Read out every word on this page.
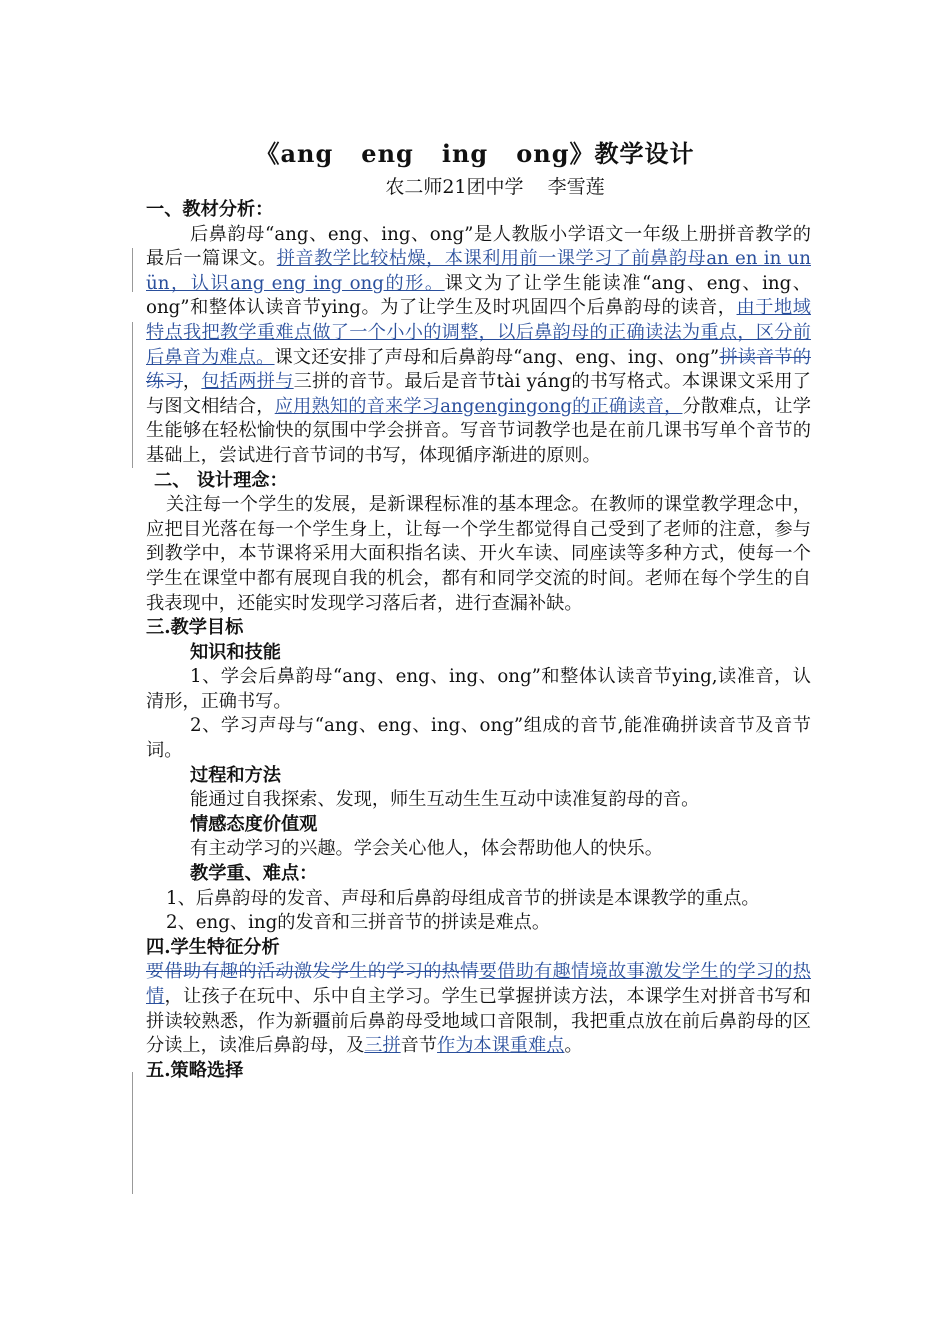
《ang   eng   ing   ong》教学设计
农二师21团中学    李雪莲
一、教材分析：
后鼻韵母“ang、eng、ing、ong”是人教版小学语文一年级上册拼音教学的最后一篇课文。拼音教学比较枯燥，本课利用前一课学习了前鼻韵母an en in un ün，认识ang eng ing ong的形。课文为了让学生能读准“ang、eng、ing、ong”和整体认读音节ying。为了让学生及时巩固四个后鼻韵母的读音，由于地域特点我把教学重难点做了一个小小的调整，以后鼻韵母的正确读法为重点，区分前后鼻音为难点。课文还安排了声母和后鼻韵母“ang、eng、ing、ong”拼读音节的练习，包括两拼与三拼的音节。最后是音节tài yáng的书写格式。本课课文采用了与图文相结合，应用熟知的音来学习angengingong的正确读音，分散难点，让学生能够在轻松愉快的氛围中学会拼音。写音节词教学也是在前几课书写单个音节的基础上，尝试进行音节词的书写，体现循序渐进的原则。
二、 设计理念：
关注每一个学生的发展，是新课程标准的基本理念。在教师的课堂教学理念中，应把目光落在每一个学生身上，让每一个学生都觉得自己受到了老师的注意，参与到教学中，本节课将采用大面积指名读、开火车读、同座读等多种方式，使每一个学生在课堂中都有展现自我的机会，都有和同学交流的时间。老师在每个学生的自我表现中，还能实时发现学习落后者，进行查漏补缺。
三.教学目标
知识和技能
1、学会后鼻韵母“ang、eng、ing、ong”和整体认读音节ying,读准音，认清形，正确书写。
2、学习声母与“ang、eng、ing、ong”组成的音节,能准确拼读音节及音节词。
过程和方法
能通过自我探索、发现，师生互动生生互动中读准复韵母的音。
情感态度价值观
有主动学习的兴趣。学会关心他人，体会帮助他人的快乐。
教学重、难点：
1、后鼻韵母的发音、声母和后鼻韵母组成音节的拼读是本课教学的重点。
2、eng、ing的发音和三拼音节的拼读是难点。
四.学生特征分析
要借助有趣的活动激发学生的学习的热情要借助有趣情境故事激发学生的学习的热情，让孩子在玩中、乐中自主学习。学生已掌握拼读方法，本课学生对拼音书写和拼读较熟悉，作为新疆前后鼻韵母受地域口音限制，我把重点放在前后鼻韵母的区分读上，读准后鼻韵母，及三拼音节作为本课重难点。
五.策略选择
